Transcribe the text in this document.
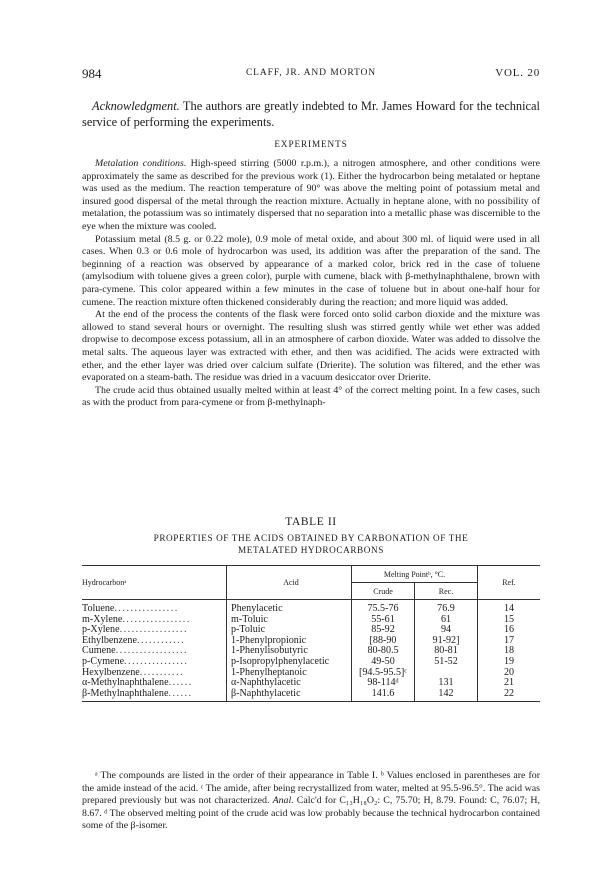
984	CLAFF, JR. AND MORTON	VOL. 20
Acknowledgment. The authors are greatly indebted to Mr. James Howard for the technical service of performing the experiments.
EXPERIMENTS

Metalation conditions. High-speed stirring (5000 r.p.m.), a nitrogen atmosphere, and other conditions were approximately the same as described for the previous work (1). Either the hydrocarbon being metalated or heptane was used as the medium. The reaction temperature of 90° was above the melting point of potassium metal and insured good dispersal of the metal through the reaction mixture. Actually in heptane alone, with no possibility of metalation, the potassium was so intimately dispersed that no separation into a metallic phase was discernible to the eye when the mixture was cooled.

Potassium metal (8.5 g. or 0.22 mole), 0.9 mole of metal oxide, and about 300 ml. of liquid were used in all cases. When 0.3 or 0.6 mole of hydrocarbon was used, its addition was after the preparation of the sand. The beginning of a reaction was observed by appearance of a marked color, brick red in the case of toluene (amylsodium with toluene gives a green color), purple with cumene, black with β-methylnaphthalene, brown with para-cymene. This color appeared within a few minutes in the case of toluene but in about one-half hour for cumene. The reaction mixture often thickened considerably during the reaction; and more liquid was added.

At the end of the process the contents of the flask were forced onto solid carbon dioxide and the mixture was allowed to stand several hours or overnight. The resulting slush was stirred gently while wet ether was added dropwise to decompose excess potassium, all in an atmosphere of carbon dioxide. Water was added to dissolve the metal salts. The aqueous layer was extracted with ether, and then was acidified. The acids were extracted with ether, and the ether layer was dried over calcium sulfate (Drierite). The solution was filtered, and the ether was evaporated on a steam-bath. The residue was dried in a vacuum desiccator over Drierite.

The crude acid thus obtained usually melted within at least 4° of the correct melting point. In a few cases, such as with the product from para-cymene or from β-methylnaph-

TABLE II
PROPERTIES OF THE ACIDS OBTAINED BY CARBONATION OF THE
METALATED HYDROCARBONS
Hydrocarbonᵃ	Acid	Melting Pointᵇ, °C.		Ref.
		Crude	Rec.	
Toluene................	Phenylacetic	75.5-76	76.9	14
m-Xylene.................	m-Toluic	55-61	61	15
p-Xylene.................	p-Toluic	85-92	94	16
Ethylbenzene............	1-Phenylpropionic	[88-90	91-92]	17
Cumene..................	1-Phenylisobutyric	80-80.5	80-81	18
p-Cymene................	p-Isopropylphenylacetic	49-50	51-52	19
Hexylbenzene...........	1-Phenylheptanoic	[94.5-95.5]ᶜ		20
α-Methylnaphthalene......	α-Naphthylacetic	98-114ᵈ	131	21
β-Methylnaphthalene......	β-Naphthylacetic	141.6	142	22
ᵃ The compounds are listed in the order of their appearance in Table I. ᵇ Values enclosed in parentheses are for the amide instead of the acid. ᶜ The amide, after being recrystallized from water, melted at 95.5-96.5°. The acid was prepared previously but was not characterized. Anal. Calc'd for C₁₃H₁₈O₂: C, 75.70; H, 8.79. Found: C, 76.07; H, 8.67. ᵈ The observed melting point of the crude acid was low probably because the technical hydrocarbon contained some of the β-isomer.
